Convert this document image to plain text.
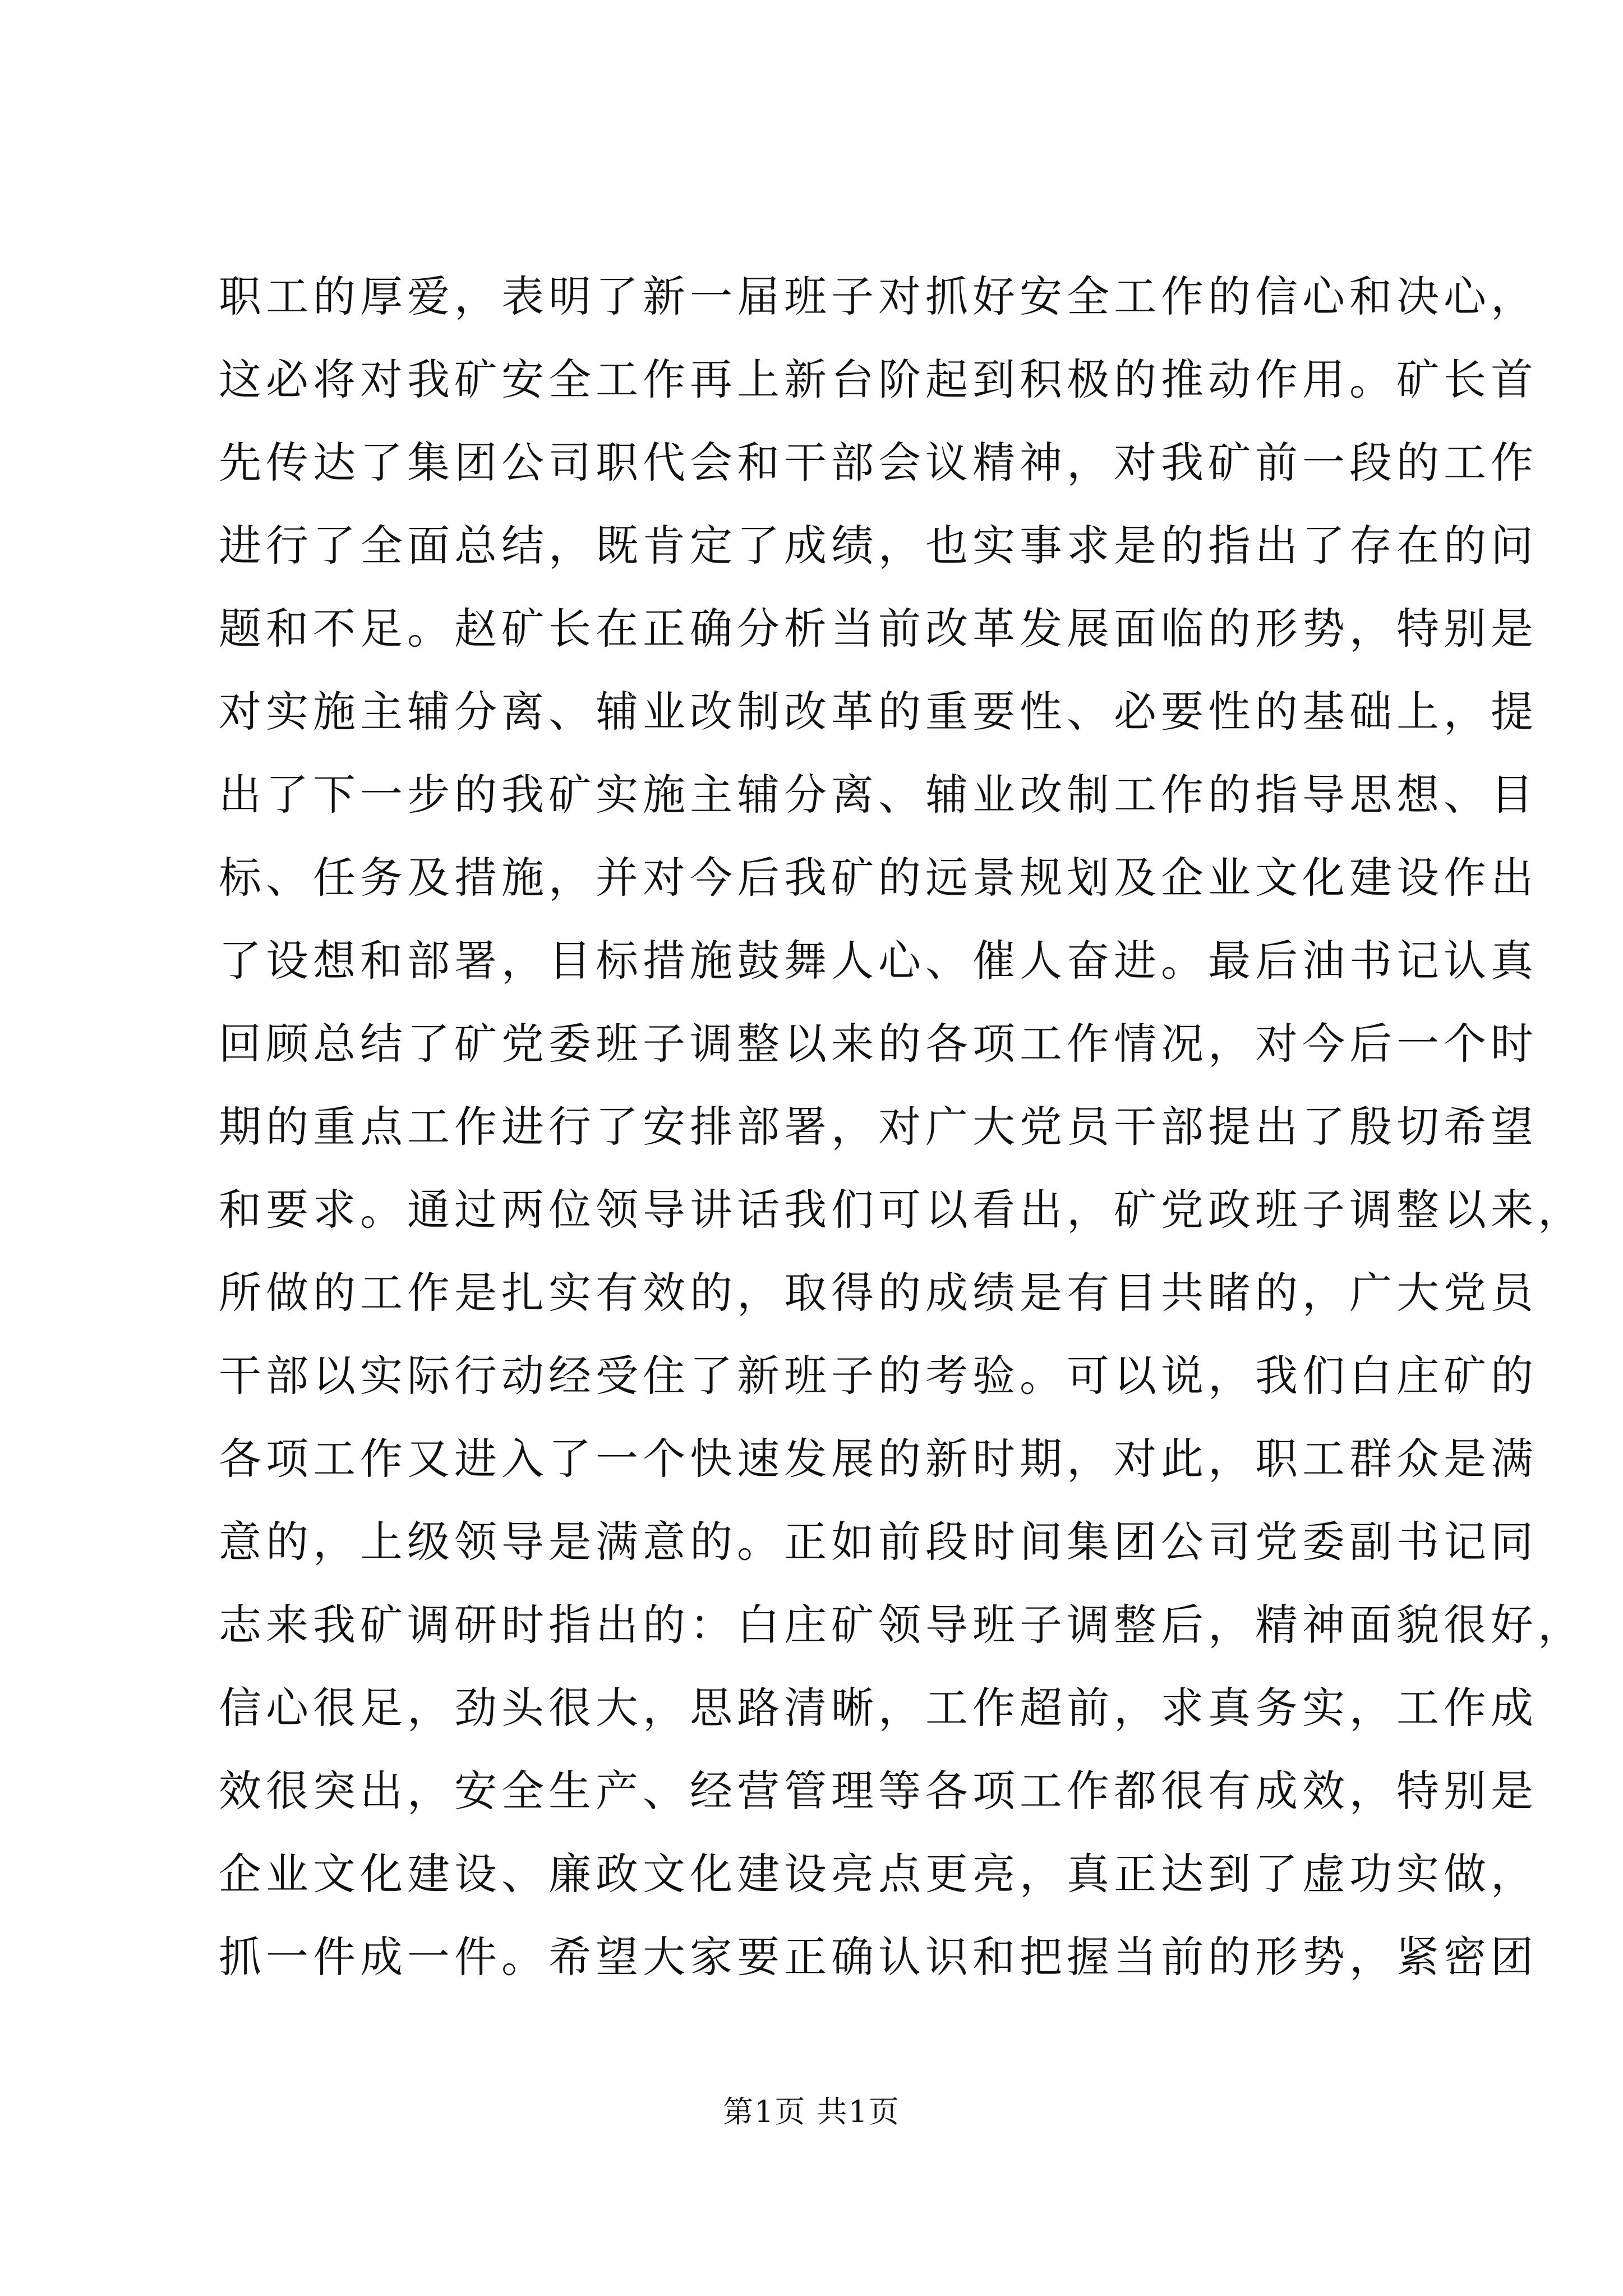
职工的厚爱，表明了新一届班子对抓好安全工作的信心和决心，
这必将对我矿安全工作再上新台阶起到积极的推动作用。矿长首
先传达了集团公司职代会和干部会议精神，对我矿前一段的工作
进行了全面总结，既肯定了成绩，也实事求是的指出了存在的问
题和不足。赵矿长在正确分析当前改革发展面临的形势，特别是
对实施主辅分离、辅业改制改革的重要性、必要性的基础上，提
出了下一步的我矿实施主辅分离、辅业改制工作的指导思想、目
标、任务及措施，并对今后我矿的远景规划及企业文化建设作出
了设想和部署，目标措施鼓舞人心、催人奋进。最后油书记认真
回顾总结了矿党委班子调整以来的各项工作情况，对今后一个时
期的重点工作进行了安排部署，对广大党员干部提出了殷切希望
和要求。通过两位领导讲话我们可以看出，矿党政班子调整以来，
所做的工作是扎实有效的，取得的成绩是有目共睹的，广大党员
干部以实际行动经受住了新班子的考验。可以说，我们白庄矿的
各项工作又进入了一个快速发展的新时期，对此，职工群众是满
意的，上级领导是满意的。正如前段时间集团公司党委副书记同
志来我矿调研时指出的：白庄矿领导班子调整后，精神面貌很好，
信心很足，劲头很大，思路清晰，工作超前，求真务实，工作成
效很突出，安全生产、经营管理等各项工作都很有成效，特别是
企业文化建设、廉政文化建设亮点更亮，真正达到了虚功实做，
抓一件成一件。希望大家要正确认识和把握当前的形势，紧密团
第1页 共1页
